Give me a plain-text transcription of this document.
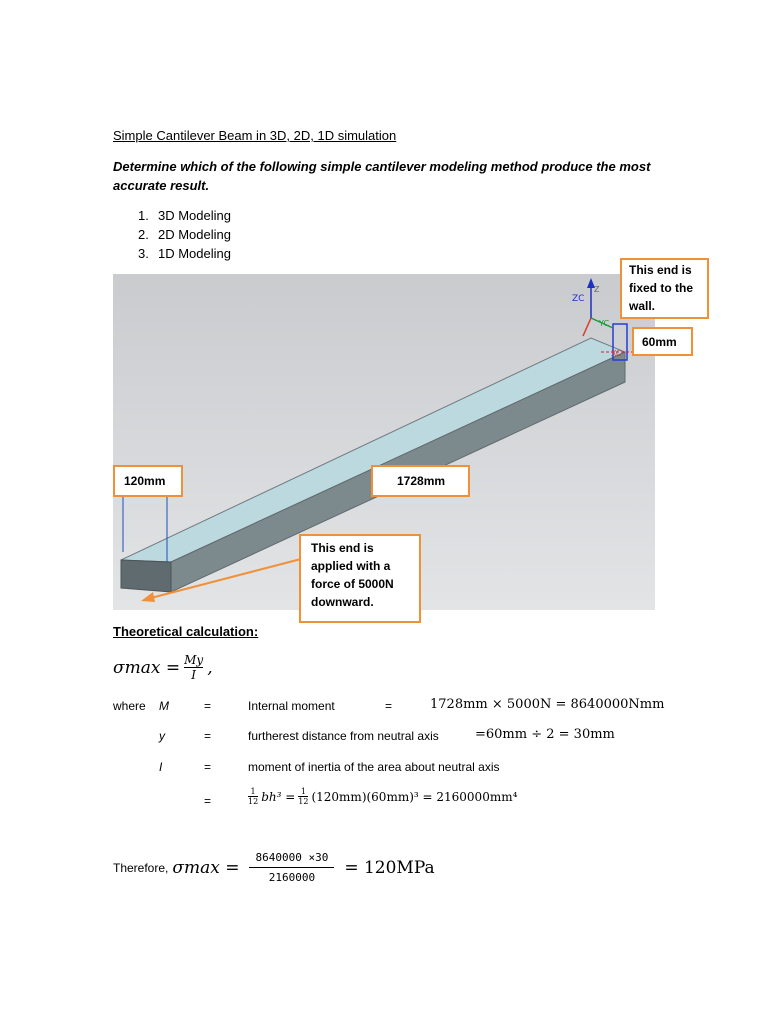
Simple Cantilever Beam in 3D, 2D, 1D simulation
Determine which of the following simple cantilever modeling method produce the most accurate result.
1. 3D Modeling
2. 2D Modeling
3. 1D Modeling
ZC
YC
XC
Z
This end is fixed to the wall.
60mm
120mm	1728mm
This end is applied with a force of 5000N downward.
Theoretical calculation:
$\sigma\max = \frac{My}{I}$ ,
where M	=	Internal moment	=	1728mm × 5000N = 8640000Nmm
y	=	furtherest distance from neutral axis	=60mm ÷ 2 = 30mm
I	=	moment of inertia of the area about neutral axis
=	$\frac{1}{12} bh^3 = \frac{1}{12} (120mm)(60mm)^3 = 2160000mm^4$
Therefore, $\sigma\max = \frac{8640000 \times 30}{2160000} = 120MPa$
